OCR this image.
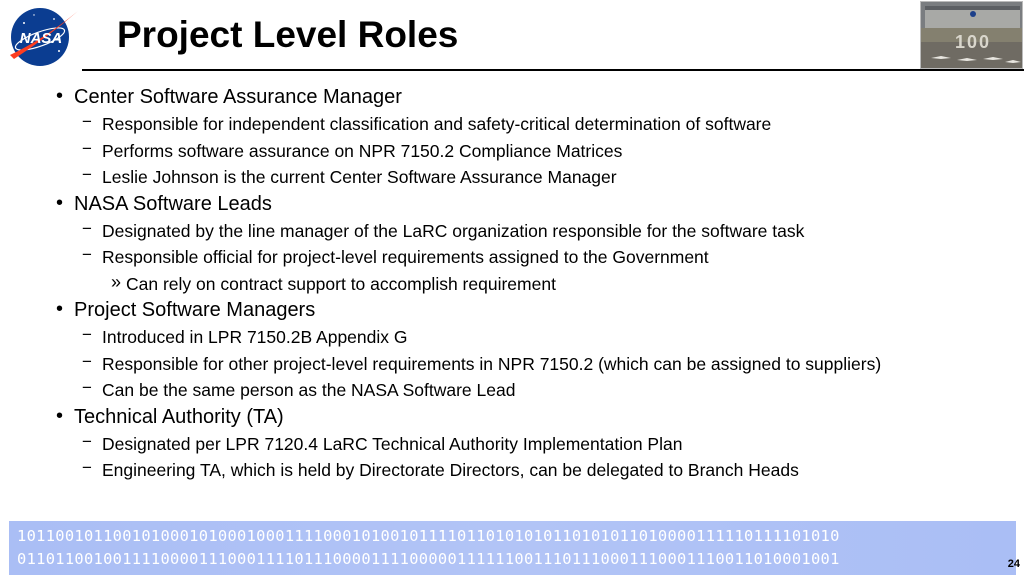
NASA Project Level Roles	100
• Center Software Assurance Manager
− Responsible for independent classification and safety-critical determination of software
− Performs software assurance on NPR 7150.2 Compliance Matrices
− Leslie Johnson is the current Center Software Assurance Manager
• NASA Software Leads
− Designated by the line manager of the LaRC organization responsible for the software task
− Responsible official for project-level requirements assigned to the Government
» Can rely on contract support to accomplish requirement
• Project Software Managers
− Introduced in LPR 7150.2B Appendix G
− Responsible for other project-level requirements in NPR 7150.2 (which can be assigned to suppliers)
− Can be the same person as the NASA Software Lead
• Technical Authority (TA)
− Designated per LPR 7120.4 LaRC Technical Authority Implementation Plan
− Engineering TA, which is held by Directorate Directors, can be delegated to Branch Heads
10110010110010100010100010001111000101001011110110101010110101011010000111110111101010
01101100100111100001110001111011100001111000001111110011101110001110001110011010001001	24
